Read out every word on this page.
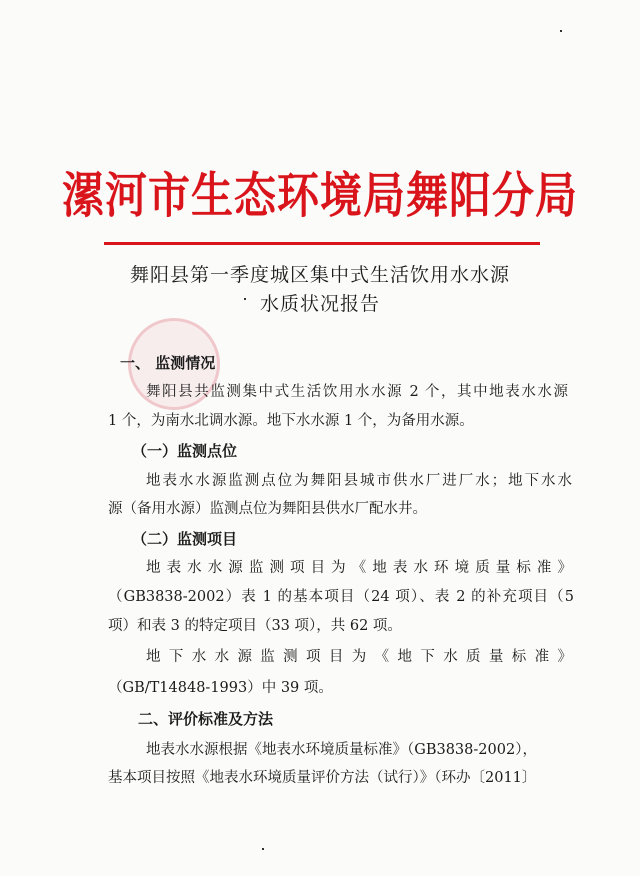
漯河市生态环境局舞阳分局
舞阳县第一季度城区集中式生活饮用水水源
水质状况报告
一、 监测情况
舞阳县共监测集中式生活饮用水水源 2 个，其中地表水水源
1 个，为南水北调水源。地下水水源 1 个，为备用水源。
（一）监测点位
地表水水源监测点位为舞阳县城市供水厂进厂水；地下水水
源（备用水源）监测点位为舞阳县供水厂配水井。
（二）监测项目
地表水水源监测项目为《地表水环境质量标准》
（GB3838-2002）表 1 的基本项目（24 项）、表 2 的补充项目（5
项）和表 3 的特定项目（33 项），共 62 项。
地下水水源监测项目为《地下水质量标准》
（GB/T14848-1993）中 39 项。
二、评价标准及方法
地表水水源根据《地表水环境质量标准》（GB3838-2002），
基本项目按照《地表水环境质量评价方法（试行）》（环办〔2011〕
